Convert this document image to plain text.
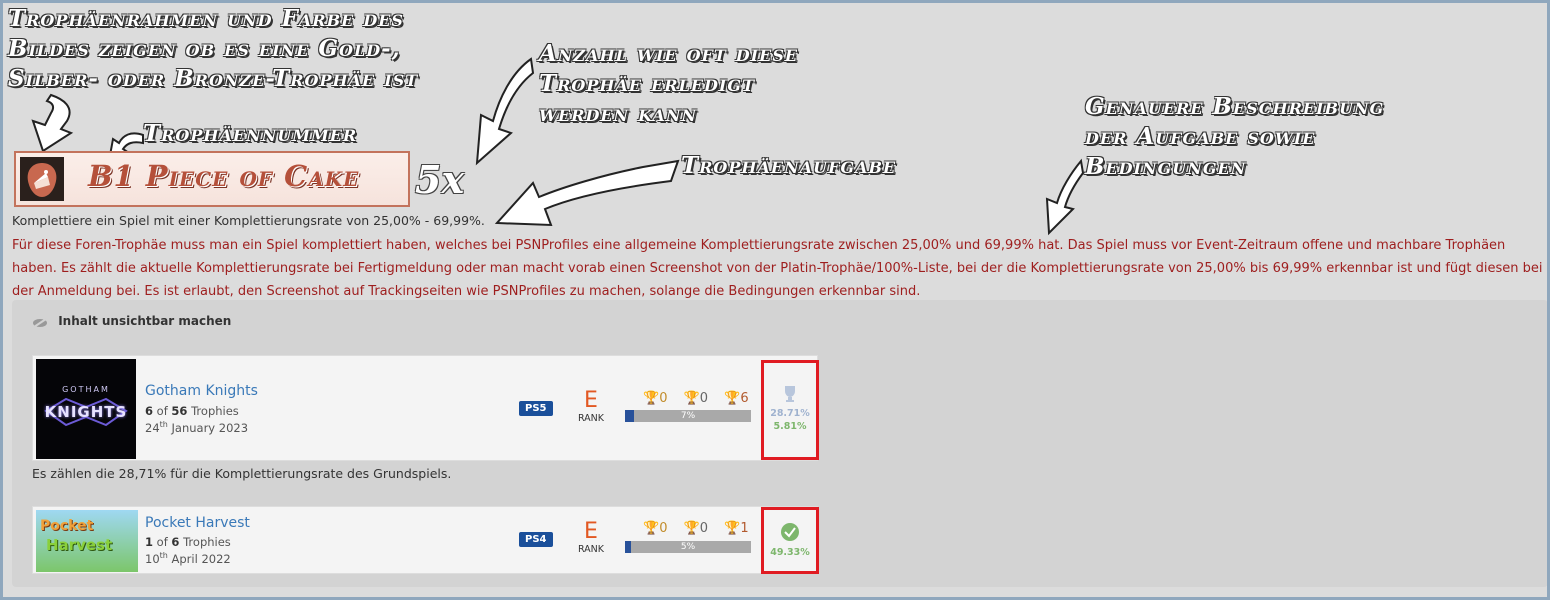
Trophäenrahmen und Farbe des
Bildes zeigen ob es eine Gold-,
Silber- oder Bronze-Trophäe ist
Trophäennummer
Anzahl wie oft diese
Trophäe erledigt
werden kann
Trophäenaufgabe
Genauere Beschreibung
der Aufgabe sowie
Bedingungen
B1 Piece of Cake 5x
Komplettiere ein Spiel mit einer Komplettierungsrate von 25,00% - 69,99%.
Für diese Foren-Trophäe muss man ein Spiel komplettiert haben, welches bei PSNProfiles eine allgemeine Komplettierungsrate zwischen 25,00% und 69,99% hat. Das Spiel muss vor Event-Zeitraum offene und machbare Trophäen haben. Es zählt die aktuelle Komplettierungsrate bei Fertigmeldung oder man macht vorab einen Screenshot von der Platin-Trophäe/100%-Liste, bei der die Komplettierungsrate von 25,00% bis 69,99% erkennbar ist und fügt diesen bei der Anmeldung bei. Es ist erlaubt, den Screenshot auf Trackingseiten wie PSNProfiles zu machen, solange die Bedingungen erkennbar sind.
Inhalt unsichtbar machen
GOTHAM
KNIGHTS
Gotham Knights
6 of 56 Trophies
24th January 2023
PS5	E
RANK
🏆0 🏆0 🏆6
7%	28.71%
5.81%
Es zählen die 28,71% für die Komplettierungsrate des Grundspiels.
Pocket
Harvest
Pocket Harvest
1 of 6 Trophies
10th April 2022
PS4	E
RANK
🏆0 🏆0 🏆1
5%	49.33%
